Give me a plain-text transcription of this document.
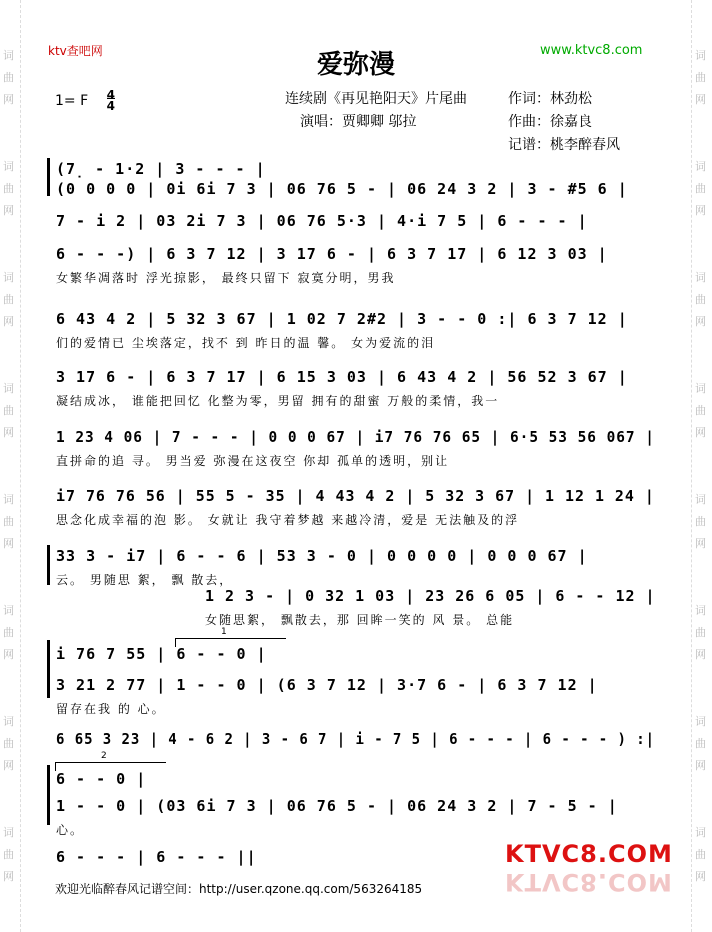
词
曲
网
词
曲
网
词
曲
网
词
曲
网
词
曲
网
词
曲
网
词
曲
网
词
曲
网
词
曲
网
词
曲
网
词
曲
网
词
曲
网
词
曲
网
词
曲
网
词
曲
网
词
曲
网
ktv查吧网	www.ktvc8.com
爱弥漫
1= F 4
4	连续剧《再见艳阳天》片尾曲
演唱：贾卿卿 邬拉
作词：林劲松
作曲：徐嘉良
记谱：桃李醉春风
1
2
(7̣ - 1·2 | 3 - - - |
(0 0 0 0 | 0i 6i 7 3 | 06 76 5 - | 06 24 3 2 | 3 - #5 6 |
7 - i 2 | 03 2i 7 3 | 06 76 5·3 | 4·i 7 5 | 6 - - - |
6 - - -) | 6 3 7 12 | 3 17 6 - | 6 3 7 17 | 6 12 3 03 |
女繁华凋落时 浮光掠影， 最终只留下 寂寞分明，男我
6 43 4 2 | 5 32 3 67 | 1 02 7 2#2 | 3 - - 0 :| 6 3 7 12 |
们的爱情已 尘埃落定，找不 到 昨日的温 馨。 女为爱流的泪
3 17 6 - | 6 3 7 17 | 6 15 3 03 | 6 43 4 2 | 56 52 3 67 |
凝结成冰， 谁能把回忆 化整为零，男留 拥有的甜蜜 万般的柔情，我一
1 23 4 06 | 7 - - - | 0 0 0 67 | i7 76 76 65 | 6·5 53 56 067 |
直拼命的追 寻。 男当爱 弥漫在这夜空 你却 孤单的透明，别让
i7 76 76 56 | 55 5 - 35 | 4 43 4 2 | 5 32 3 67 | 1 12 1 24 |
思念化成幸福的泡 影。 女就让 我守着梦越 来越冷清，爱是 无法触及的浮
33 3 - i7 | 6 - - 6 | 53 3 - 0 | 0 0 0 0 | 0 0 0 67 |
云。 男随思 絮， 飘 散去，
1 2 3 - | 0 32 1 03 | 23 26 6 05 | 6 - - 12 |
女随思絮， 飘散去，那 回眸一笑的 风 景。 总能
i 76 7 55 | 6 - - 0 |
3 21 2 77 | 1 - - 0 | (6 3 7 12 | 3·7 6 - | 6 3 7 12 |
留存在我 的 心。
6 65 3 23 | 4 - 6 2 | 3 - 6 7 | i - 7 5 | 6 - - - | 6 - - - ) :|
6 - - 0 |
1 - - 0 | (03 6i 7 3 | 06 76 5 - | 06 24 3 2 | 7 - 5 - |
心。
6 - - - | 6 - - - ||
欢迎光临醉春风记谱空间：http://user.qzone.qq.com/563264185
KTVC8.COM
KTVC8.COM
